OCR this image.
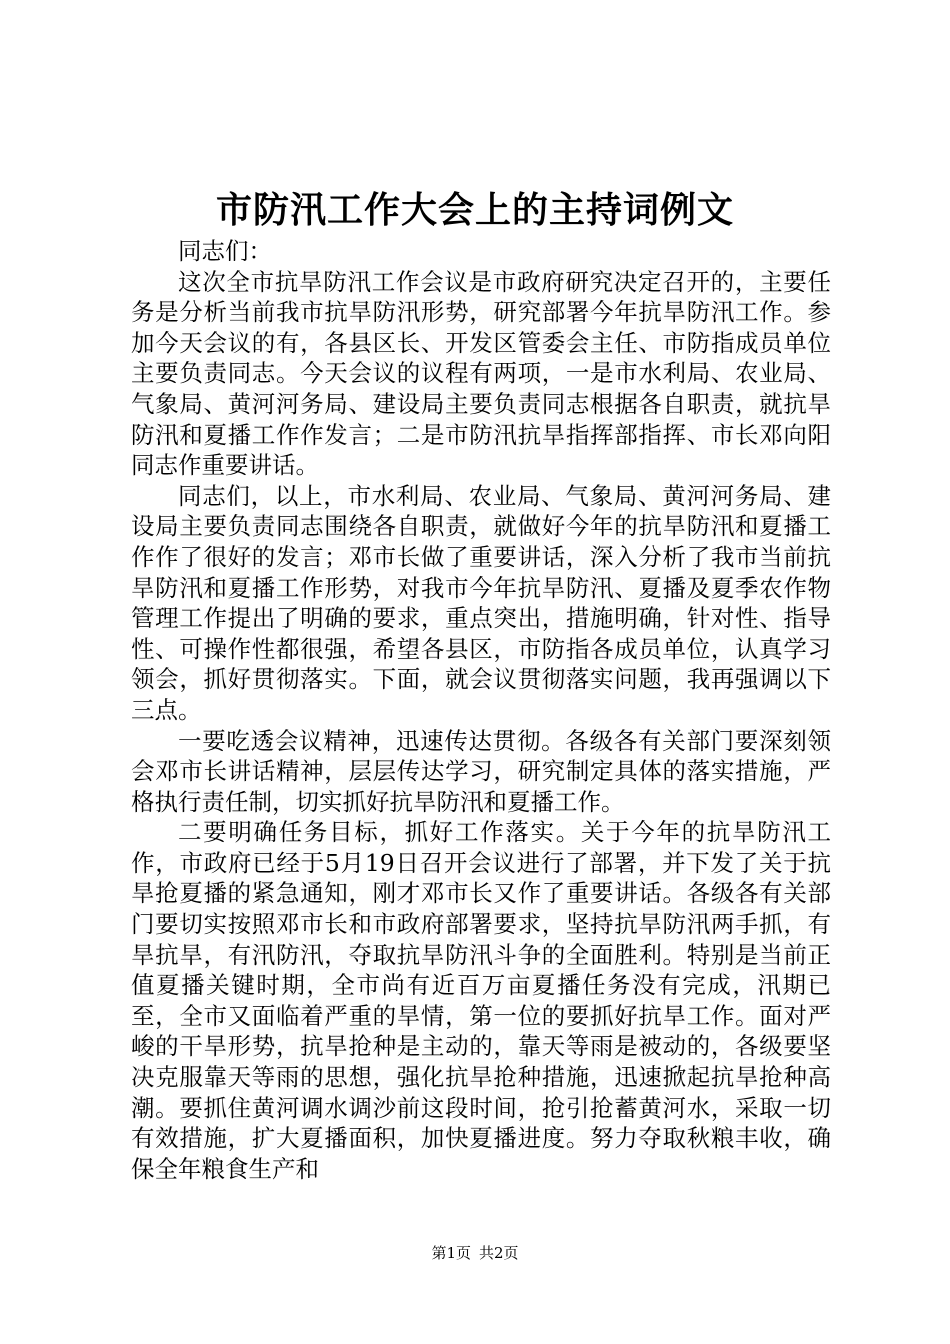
市防汛工作大会上的主持词例文

同志们：

这次全市抗旱防汛工作会议是市政府研究决定召开的，主要任务是分析当前我市抗旱防汛形势，研究部署今年抗旱防汛工作。参加今天会议的有，各县区长、开发区管委会主任、市防指成员单位主要负责同志。今天会议的议程有两项，一是市水利局、农业局、气象局、黄河河务局、建设局主要负责同志根据各自职责，就抗旱防汛和夏播工作作发言；二是市防汛抗旱指挥部指挥、市长邓向阳同志作重要讲话。

同志们，以上，市水利局、农业局、气象局、黄河河务局、建设局主要负责同志围绕各自职责，就做好今年的抗旱防汛和夏播工作作了很好的发言；邓市长做了重要讲话，深入分析了我市当前抗旱防汛和夏播工作形势，对我市今年抗旱防汛、夏播及夏季农作物管理工作提出了明确的要求，重点突出，措施明确，针对性、指导性、可操作性都很强，希望各县区，市防指各成员单位，认真学习领会，抓好贯彻落实。下面，就会议贯彻落实问题，我再强调以下三点。

一要吃透会议精神，迅速传达贯彻。各级各有关部门要深刻领会邓市长讲话精神，层层传达学习，研究制定具体的落实措施，严格执行责任制，切实抓好抗旱防汛和夏播工作。

二要明确任务目标，抓好工作落实。关于今年的抗旱防汛工作，市政府已经于5月19日召开会议进行了部署，并下发了关于抗旱抢夏播的紧急通知，刚才邓市长又作了重要讲话。各级各有关部门要切实按照邓市长和市政府部署要求，坚持抗旱防汛两手抓，有旱抗旱，有汛防汛，夺取抗旱防汛斗争的全面胜利。特别是当前正值夏播关键时期，全市尚有近百万亩夏播任务没有完成，汛期已至，全市又面临着严重的旱情，第一位的要抓好抗旱工作。面对严峻的干旱形势，抗旱抢种是主动的，靠天等雨是被动的，各级要坚决克服靠天等雨的思想，强化抗旱抢种措施，迅速掀起抗旱抢种高潮。要抓住黄河调水调沙前这段时间，抢引抢蓄黄河水，采取一切有效措施，扩大夏播面积，加快夏播进度。努力夺取秋粮丰收，确保全年粮食生产和

第1页 共2页
